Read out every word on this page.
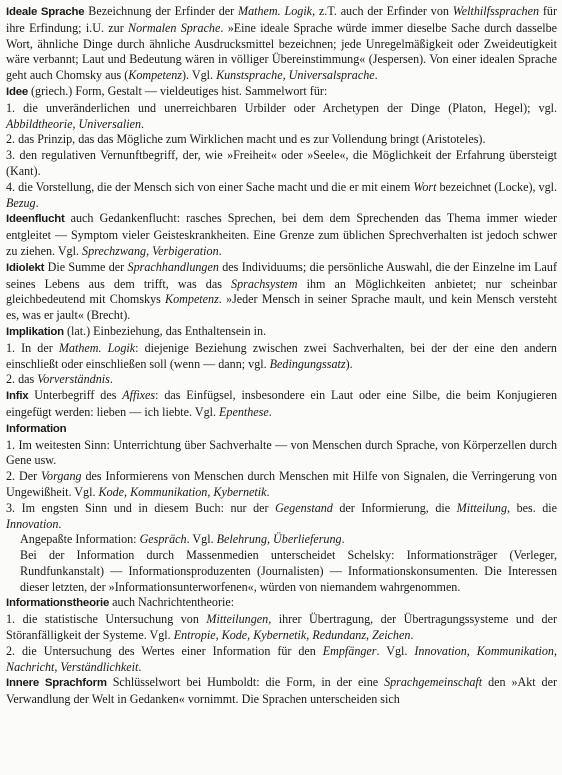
Ideale Sprache Bezeichnung der Erfinder der Mathem. Logik, z.T. auch der Erfinder von Welthilfssprachen für ihre Erfindung; i.U. zur Normalen Sprache. »Eine ideale Sprache würde immer dieselbe Sache durch dasselbe Wort, ähnliche Dinge durch ähnliche Ausdrucksmittel bezeichnen; jede Unregelmäßigkeit oder Zweideutigkeit wäre verbannt; Laut und Bedeutung wären in völliger Übereinstimmung« (Jespersen). Von einer idealen Sprache geht auch Chomsky aus (Kompetenz). Vgl. Kunstsprache, Universalsprache.

Idee (griech.) Form, Gestalt — vieldeutiges hist. Sammelwort für:

1. die unveränderlichen und unerreichbaren Urbilder oder Archetypen der Dinge (Platon, Hegel); vgl. Abbildtheorie, Universalien.

2. das Prinzip, das das Mögliche zum Wirklichen macht und es zur Vollendung bringt (Aristoteles).

3. den regulativen Vernunftbegriff, der, wie »Freiheit« oder »Seele«, die Möglichkeit der Erfahrung übersteigt (Kant).

4. die Vorstellung, die der Mensch sich von einer Sache macht und die er mit einem Wort bezeichnet (Locke), vgl. Bezug.

Ideenflucht auch Gedankenflucht: rasches Sprechen, bei dem dem Sprechenden das Thema immer wieder entgleitet — Symptom vieler Geisteskrankheiten. Eine Grenze zum üblichen Sprechverhalten ist jedoch schwer zu ziehen. Vgl. Sprechzwang, Verbigeration.

Idiolekt Die Summe der Sprachhandlungen des Individuums; die persönliche Auswahl, die der Einzelne im Lauf seines Lebens aus dem trifft, was das Sprachsystem ihm an Möglichkeiten anbietet; nur scheinbar gleichbedeutend mit Chomskys Kompetenz. »Jeder Mensch in seiner Sprache mault, und kein Mensch versteht es, was er jault« (Brecht).

Implikation (lat.) Einbeziehung, das Enthaltensein in.

1. In der Mathem. Logik: diejenige Beziehung zwischen zwei Sachverhalten, bei der der eine den andern einschließt oder einschließen soll (wenn — dann; vgl. Bedingungssatz).

2. das Vorverständnis.

Infix Unterbegriff des Affixes: das Einfügsel, insbesondere ein Laut oder eine Silbe, die beim Konjugieren eingefügt werden: lieben — ich liebte. Vgl. Epenthese.

Information

1. Im weitesten Sinn: Unterrichtung über Sachverhalte — von Menschen durch Sprache, von Körperzellen durch Gene usw.

2. Der Vorgang des Informierens von Menschen durch Menschen mit Hilfe von Signalen, die Verringerung von Ungewißheit. Vgl. Kode, Kommunikation, Kybernetik.

3. Im engsten Sinn und in diesem Buch: nur der Gegenstand der Informierung, die Mitteilung, bes. die Innovation.

Angepaßte Information: Gespräch. Vgl. Belehrung, Überlieferung.

Bei der Information durch Massenmedien unterscheidet Schelsky: Informationsträger (Verleger, Rundfunkanstalt) — Informationsproduzenten (Journalisten) — Informationskonsumenten. Die Interessen dieser letzten, der »Informationsunterworfenen«, würden von niemandem wahrgenommen.

Informationstheorie auch Nachrichtentheorie:

1. die statistische Untersuchung von Mitteilungen, ihrer Übertragung, der Übertragungssysteme und der Störanfälligkeit der Systeme. Vgl. Entropie, Kode, Kybernetik, Redundanz, Zeichen.

2. die Untersuchung des Wertes einer Information für den Empfänger. Vgl. Innovation, Kommunikation, Nachricht, Verständlichkeit.

Innere Sprachform Schlüsselwort bei Humboldt: die Form, in der eine Sprachgemeinschaft den »Akt der Verwandlung der Welt in Gedanken« vornimmt. Die Sprachen unterscheiden sich
